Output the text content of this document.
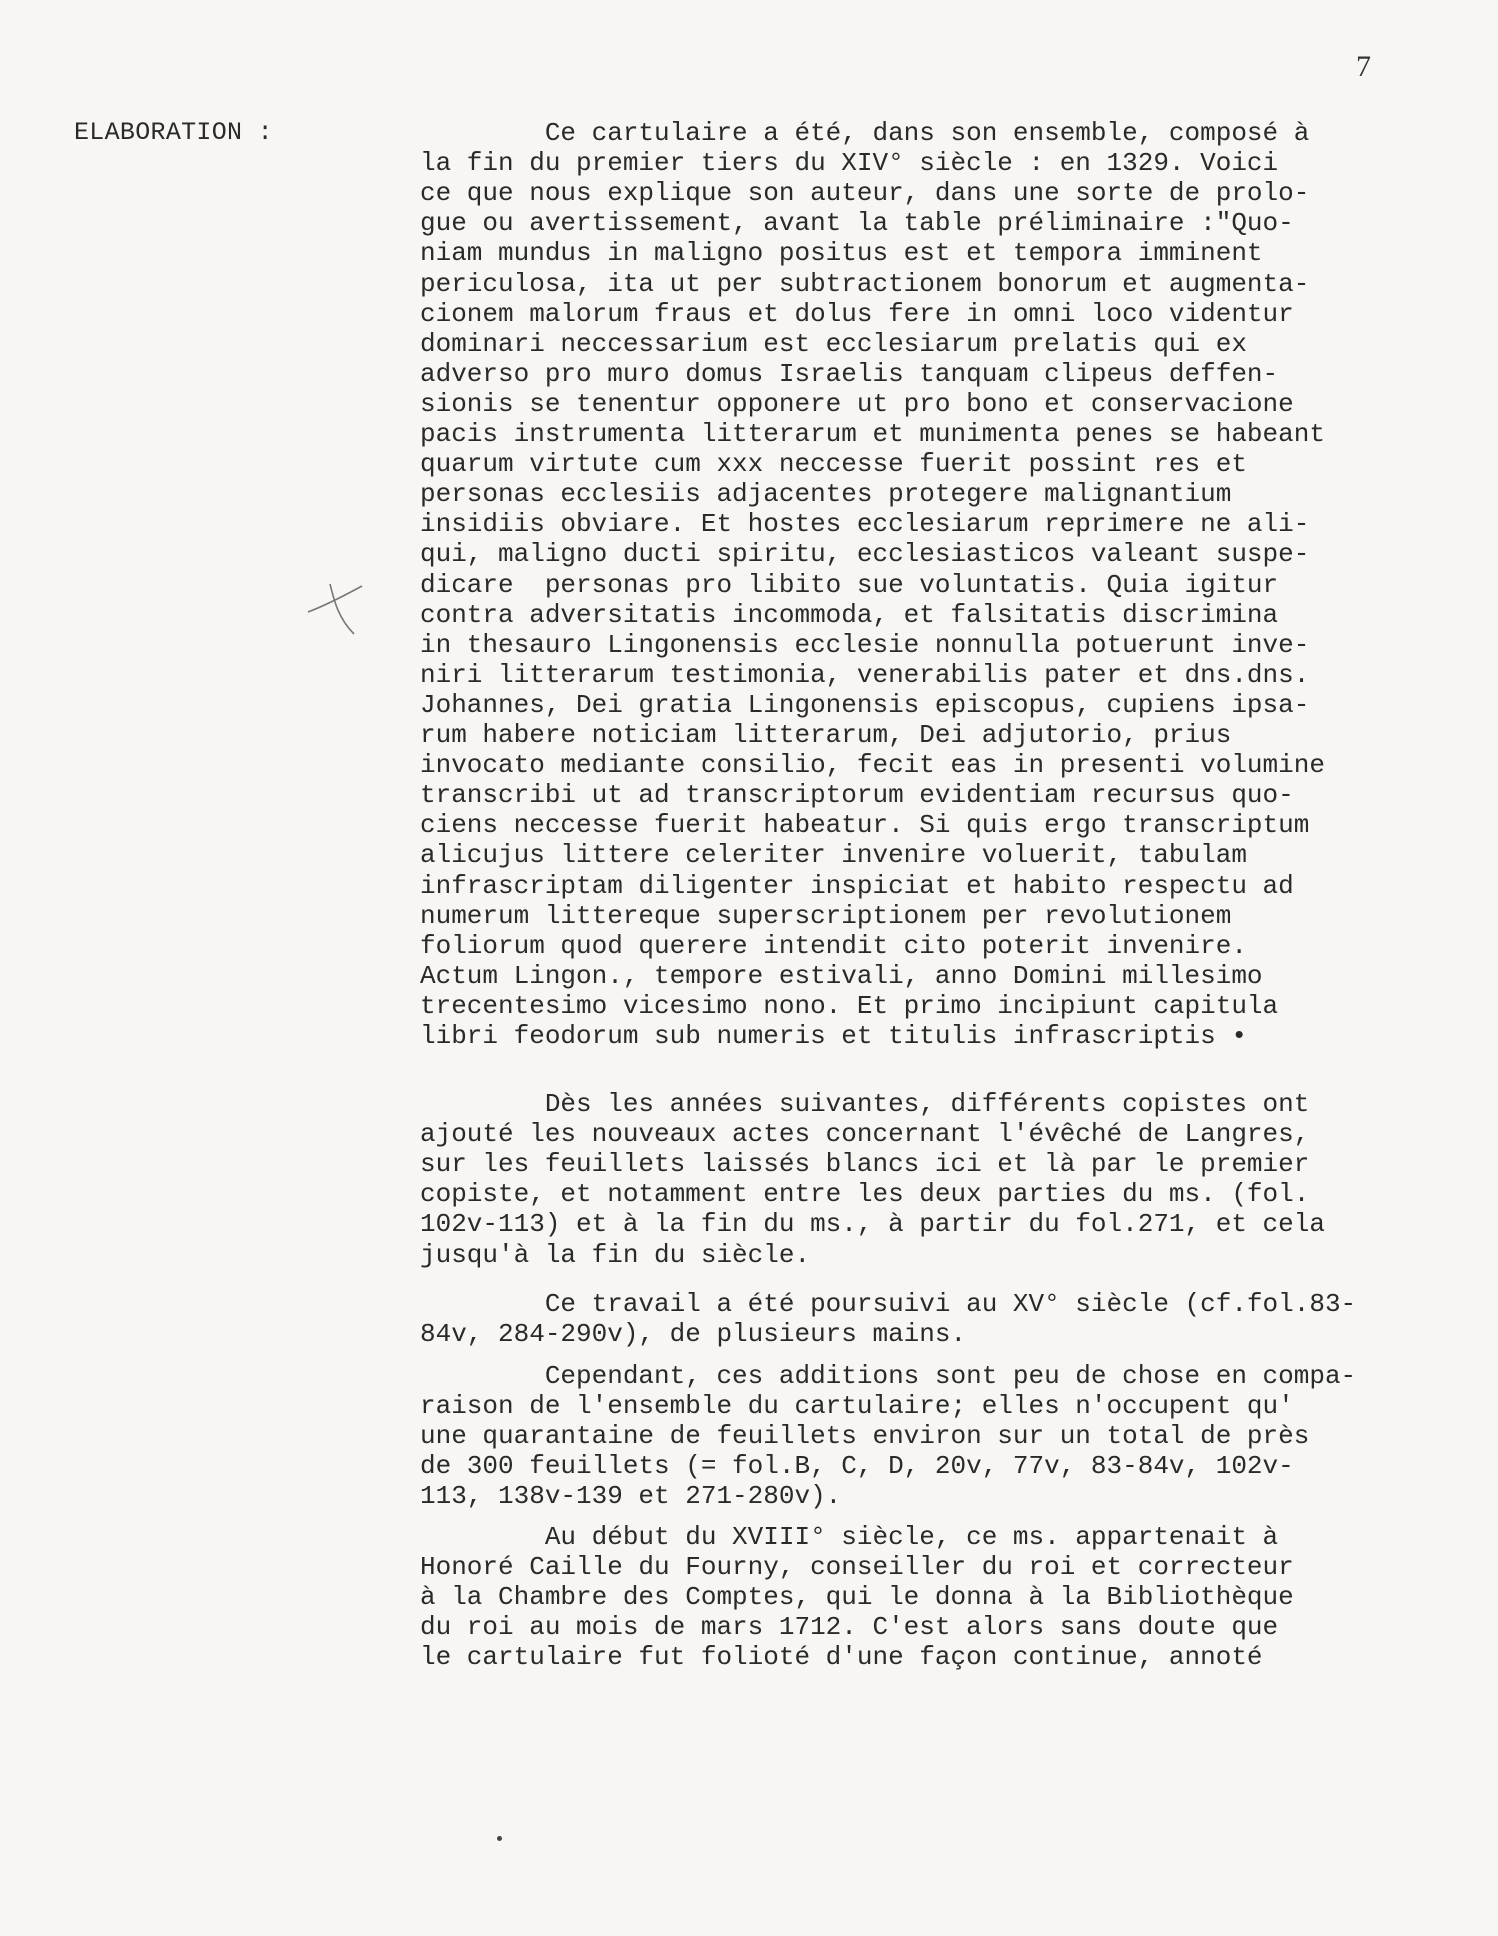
7
ELABORATION :	Ce cartulaire a été, dans son ensemble, composé à
la fin du premier tiers du XIV° siècle : en 1329. Voici
ce que nous explique son auteur, dans une sorte de prolo-
gue ou avertissement, avant la table préliminaire :"Quo-
niam mundus in maligno positus est et tempora imminent
periculosa, ita ut per subtractionem bonorum et augmenta-
cionem malorum fraus et dolus fere in omni loco videntur
dominari neccessarium est ecclesiarum prelatis qui ex
adverso pro muro domus Israelis tanquam clipeus deffen-
sionis se tenentur opponere ut pro bono et conservacione
pacis instrumenta litterarum et munimenta penes se habeant
quarum virtute cum xxx neccesse fuerit possint res et
personas ecclesiis adjacentes protegere malignantium
insidiis obviare. Et hostes ecclesiarum reprimere ne ali-
qui, maligno ducti spiritu, ecclesiasticos valeant suspe-
dicare  personas pro libito sue voluntatis. Quia igitur
contra adversitatis incommoda, et falsitatis discrimina
in thesauro Lingonensis ecclesie nonnulla potuerunt inve-
niri litterarum testimonia, venerabilis pater et dns.dns.
Johannes, Dei gratia Lingonensis episcopus, cupiens ipsa-
rum habere noticiam litterarum, Dei adjutorio, prius
invocato mediante consilio, fecit eas in presenti volumine
transcribi ut ad transcriptorum evidentiam recursus quo-
ciens neccesse fuerit habeatur. Si quis ergo transcriptum
alicujus littere celeriter invenire voluerit, tabulam
infrascriptam diligenter inspiciat et habito respectu ad
numerum littereque superscriptionem per revolutionem
foliorum quod querere intendit cito poterit invenire.
Actum Lingon., tempore estivali, anno Domini millesimo
trecentesimo vicesimo nono. Et primo incipiunt capitula
libri feodorum sub numeris et titulis infrascriptis •
Dès les années suivantes, différents copistes ont
ajouté les nouveaux actes concernant l'évêché de Langres,
sur les feuillets laissés blancs ici et là par le premier
copiste, et notamment entre les deux parties du ms. (fol.
102v-113) et à la fin du ms., à partir du fol.271, et cela
jusqu'à la fin du siècle.
Ce travail a été poursuivi au XV° siècle (cf.fol.83-
84v, 284-290v), de plusieurs mains.
Cependant, ces additions sont peu de chose en compa-
raison de l'ensemble du cartulaire; elles n'occupent qu'
une quarantaine de feuillets environ sur un total de près
de 300 feuillets (= fol.B, C, D, 20v, 77v, 83-84v, 102v-
113, 138v-139 et 271-280v).
Au début du XVIII° siècle, ce ms. appartenait à
Honoré Caille du Fourny, conseiller du roi et correcteur
à la Chambre des Comptes, qui le donna à la Bibliothèque
du roi au mois de mars 1712. C'est alors sans doute que
le cartulaire fut folioté d'une façon continue, annoté
